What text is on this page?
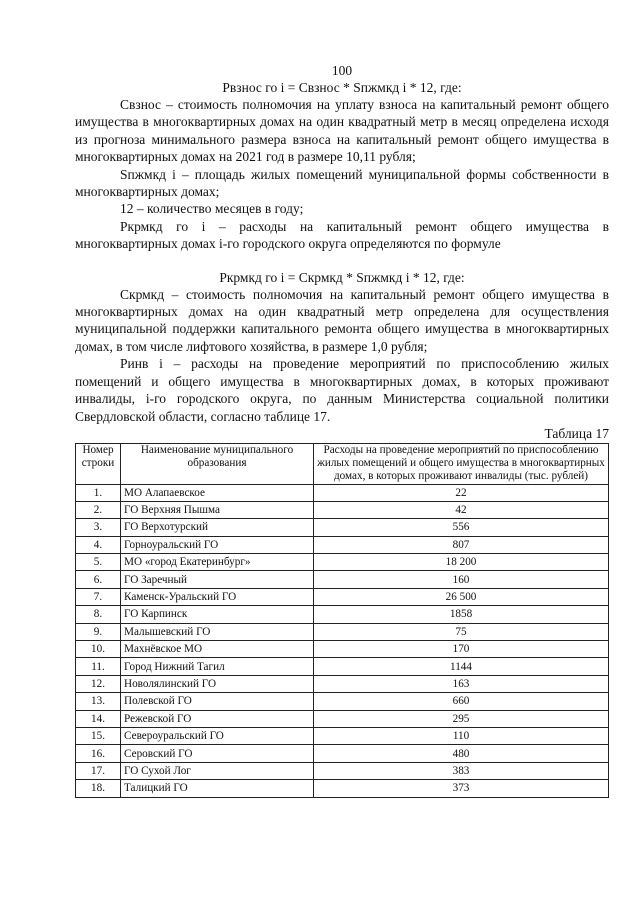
100

Рвзнос го i = Свзнос * Sпжмкд i * 12, где:

Свзнос – стоимость полномочия на уплату взноса на капитальный ремонт общего имущества в многоквартирных домах на один квадратный метр в месяц определена исходя из прогноза минимального размера взноса на капитальный ремонт общего имущества в многоквартирных домах на 2021 год в размере 10,11 рубля;

Sпжмкд i – площадь жилых помещений муниципальной формы собственности в многоквартирных домах;

12 – количество месяцев в году;

Ркрмкд го i – расходы на капитальный ремонт общего имущества в многоквартирных домах i-го городского округа определяются по формуле

Ркрмкд го i = Скрмкд * Sпжмкд i * 12, где:

Скрмкд – стоимость полномочия на капитальный ремонт общего имущества в многоквартирных домах на один квадратный метр определена для осуществления муниципальной поддержки капитального ремонта общего имущества в многоквартирных домах, в том числе лифтового хозяйства, в размере 1,0 рубля;

Ринв i – расходы на проведение мероприятий по приспособлению жилых помещений и общего имущества в многоквартирных домах, в которых проживают инвалиды, i-го городского округа, по данным Министерства социальной политики Свердловской области, согласно таблице 17.

Таблица 17

Номер строки	Наименование муниципального образования	Расходы на проведение мероприятий по приспособлению жилых помещений и общего имущества в многоквартирных домах, в которых проживают инвалиды (тыс. рублей)
1.	МО Алапаевское	22
2.	ГО Верхняя Пышма	42
3.	ГО Верхотурский	556
4.	Горноуральский ГО	807
5.	МО «город Екатеринбург»	18 200
6.	ГО Заречный	160
7.	Каменск-Уральский ГО	26 500
8.	ГО Карпинск	1858
9.	Малышевский ГО	75
10.	Махнёвское МО	170
11.	Город Нижний Тагил	1144
12.	Новолялинский ГО	163
13.	Полевской ГО	660
14.	Режевской ГО	295
15.	Североуральский ГО	110
16.	Серовский ГО	480
17.	ГО Сухой Лог	383
18.	Талицкий ГО	373
